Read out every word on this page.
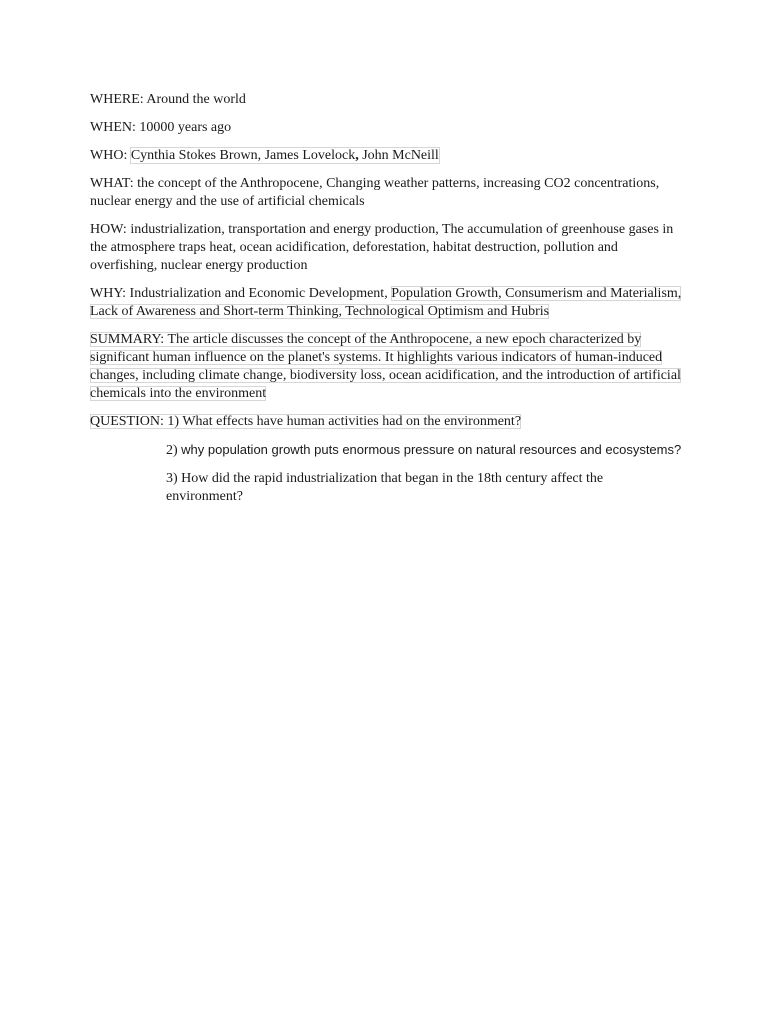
WHERE: Around the world

WHEN: 10000 years ago

WHO: Cynthia Stokes Brown, James Lovelock, John McNeill

WHAT: the concept of the Anthropocene, Changing weather patterns, increasing CO2 concentrations, nuclear energy and the use of artificial chemicals

HOW: industrialization, transportation and energy production, The accumulation of greenhouse gases in the atmosphere traps heat, ocean acidification, deforestation, habitat destruction, pollution and overfishing, nuclear energy production

WHY: Industrialization and Economic Development, Population Growth, Consumerism and Materialism, Lack of Awareness and Short-term Thinking, Technological Optimism and Hubris

SUMMARY: The article discusses the concept of the Anthropocene, a new epoch characterized by significant human influence on the planet's systems. It highlights various indicators of human-induced changes, including climate change, biodiversity loss, ocean acidification, and the introduction of artificial chemicals into the environment

QUESTION: 1) What effects have human activities had on the environment?

2) why population growth puts enormous pressure on natural resources and ecosystems?

3) How did the rapid industrialization that began in the 18th century affect the environment?
